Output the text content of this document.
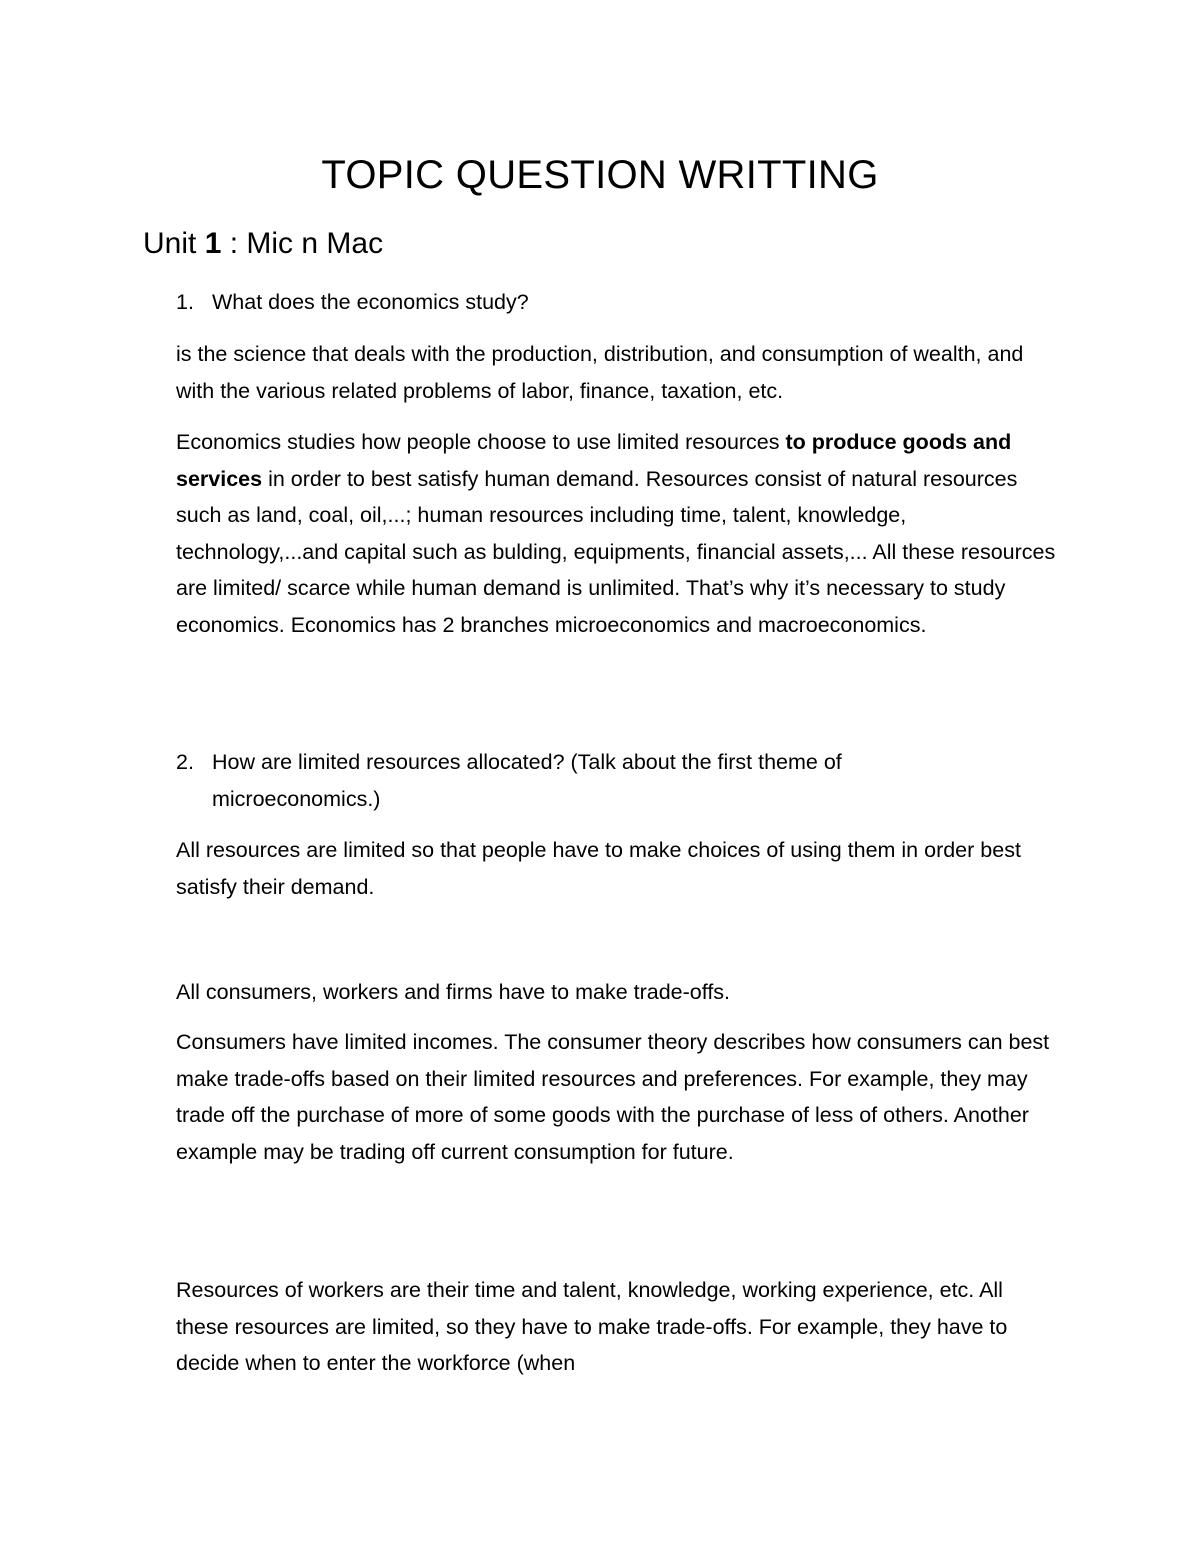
TOPIC QUESTION WRITTING
Unit 1 : Mic n Mac
1. What does the economics study?
is the science that deals with the production, distribution, and consumption of wealth, and with the various related problems of labor, finance, taxation, etc.
Economics studies how people choose to use limited resources to produce goods and services in order to best satisfy human demand. Resources consist of natural resources such as land, coal, oil,...; human resources including time, talent, knowledge, technology,...and capital such as bulding, equipments, financial assets,... All these resources are limited/ scarce while human demand is unlimited. That’s why it’s necessary to study economics. Economics has 2 branches microeconomics and macroeconomics.
2. How are limited resources allocated? (Talk about the first theme of microeconomics.)
All resources are limited so that people have to make choices of using them in order best satisfy their demand.
All consumers, workers and firms have to make trade-offs.
Consumers have limited incomes. The consumer theory describes how consumers can best make trade-offs based on their limited resources and preferences. For example, they may trade off the purchase of more of some goods with the purchase of less of others. Another example may be trading off current consumption for future.
Resources of workers are their time and talent, knowledge, working experience, etc. All these resources are limited, so they have to make trade-offs. For example, they have to decide when to enter the workforce (when
